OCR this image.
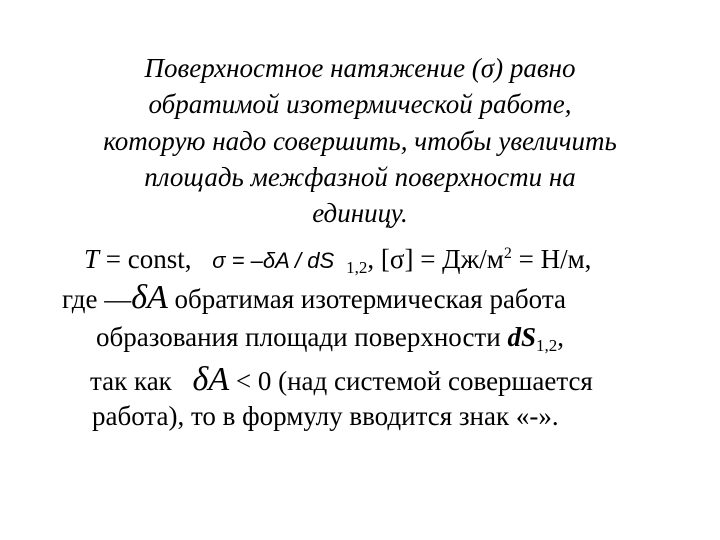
Поверхностное натяжение (σ) равно
обратимой изотермической работе,
которую надо совершить, чтобы увеличить
площадь межфазной поверхности на
единицу.
T = const, σ = –δA / dS $_{1,2}$, $[\sigma] = Дж/м^2 = Н/м$,
где —δA обратимая изотермическая работа
образования площади поверхности $dS_{1,2}$,
так как δA < 0 (над системой совершается
работа), то в формулу вводится знак «-».
